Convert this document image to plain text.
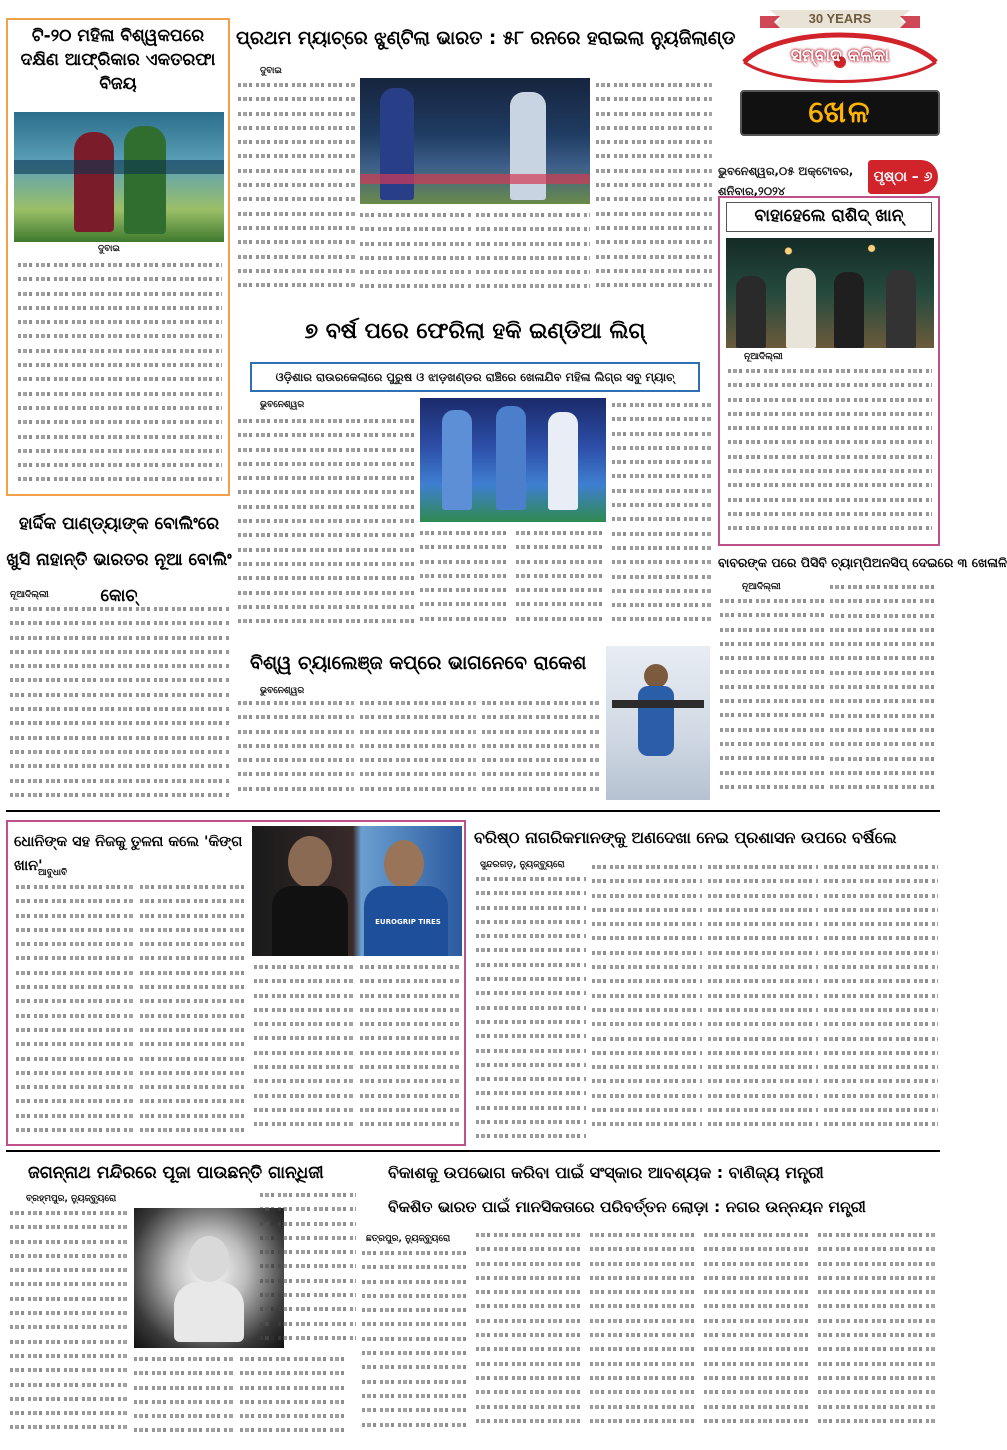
30 YEARS
ସମ୍ବାଦ କଳିକା
ଖେଳ
ଭୁବନେଶ୍ୱର,୦୫ ଅକ୍ଟୋବର, ଶନିବାର,୨୦୨୪
ପୃଷ୍ଠା – ୬
ଟି-୨୦ ମହିଳା ବିଶ୍ୱକପରେ ଦକ୍ଷିଣ ଆଫ୍ରିକାର ଏକତରଫା ବିଜୟ
ଦୁବାଇ
ପ୍ରଥମ ମ୍ୟାଚ୍‌ରେ ଝୁଣ୍ଟିଲା ଭାରତ : ୫୮ ରନରେ ହରାଇଲା ନ୍ୟୁଜିଲାଣ୍ଡ
ଦୁବାଇ
ବାହାହେଲେ ରାଶିଦ୍ ଖାନ୍
ନୂଆଦିଲ୍ଲୀ
୭ ବର୍ଷ ପରେ ଫେରିଲା ହକି ଇଣ୍ଡିଆ ଲିଗ୍
ଓଡ଼ିଶାର ରାଉରକେଲାରେ ପୁରୁଷ ଓ ଝାଡ଼ଖଣ୍ଡର ରାଞ୍ଚିରେ ଖେଳାଯିବ ମହିଳା ଲିଗ୍‌ର ସବୁ ମ୍ୟାଚ୍
ଭୁବନେଶ୍ୱର
ହାର୍ଦ୍ଦିକ ପାଣ୍ଡ୍ୟାଙ୍କ ବୋଲିଂରେ ଖୁସି ନାହାନ୍ତି ଭାରତର ନୂଆ ବୋଲିଂ କୋଚ୍
ନୂଆଦିଲ୍ଲୀ
ବିଶ୍ୱ ଚ୍ୟାଲେଞ୍ଜ କପ୍‌ରେ ଭାଗନେବେ ରାକେଶ
ଭୁବନେଶ୍ୱର
ବାବରଙ୍କ ପରେ ପିସିବି ଚ୍ୟାମ୍ପିଅନସିପ୍ ଦେଇରେ ୩ ଖେଳାଳି
ନୂଆଦିଲ୍ଲୀ
ଧୋନିଙ୍କ ସହ ନିଜକୁ ତୁଳନା କଲେ 'କିଙ୍ଗ ଖାନ'
ଆବୁଧାବି
EUROGRIP TIRES
ବରିଷ୍ଠ ନାଗରିକମାନଙ୍କୁ ଅଣଦେଖା ନେଇ ପ୍ରଶାସନ ଉପରେ ବର୍ଷିଲେ
ସୁନ୍ଦରଗଡ଼, ନ୍ୟୁଜ୍‌ବ୍ୟୁରୋ
ଜଗନ୍ନାଥ ମନ୍ଦିରରେ ପୂଜା ପାଉଛନ୍ତି ଗାନ୍ଧିଜୀ
ବ୍ରହ୍ମପୁର, ନ୍ୟୁଜ୍‌ବ୍ୟୁରୋ
ବିକାଶକୁ ଉପଭୋଗ କରିବା ପାଇଁ ସଂସ୍କାର ଆବଶ୍ୟକ : ବାଣିଜ୍ୟ ମନ୍ତ୍ରୀ
ବିକଶିତ ଭାରତ ପାଇଁ ମାନସିକତାରେ ପରିବର୍ତ୍ତନ ଲୋଡ଼ା : ନଗର ଉନ୍ନୟନ ମନ୍ତ୍ରୀ
ଛତ୍ରପୁର, ନ୍ୟୁଜ୍‌ବ୍ୟୁରୋ
